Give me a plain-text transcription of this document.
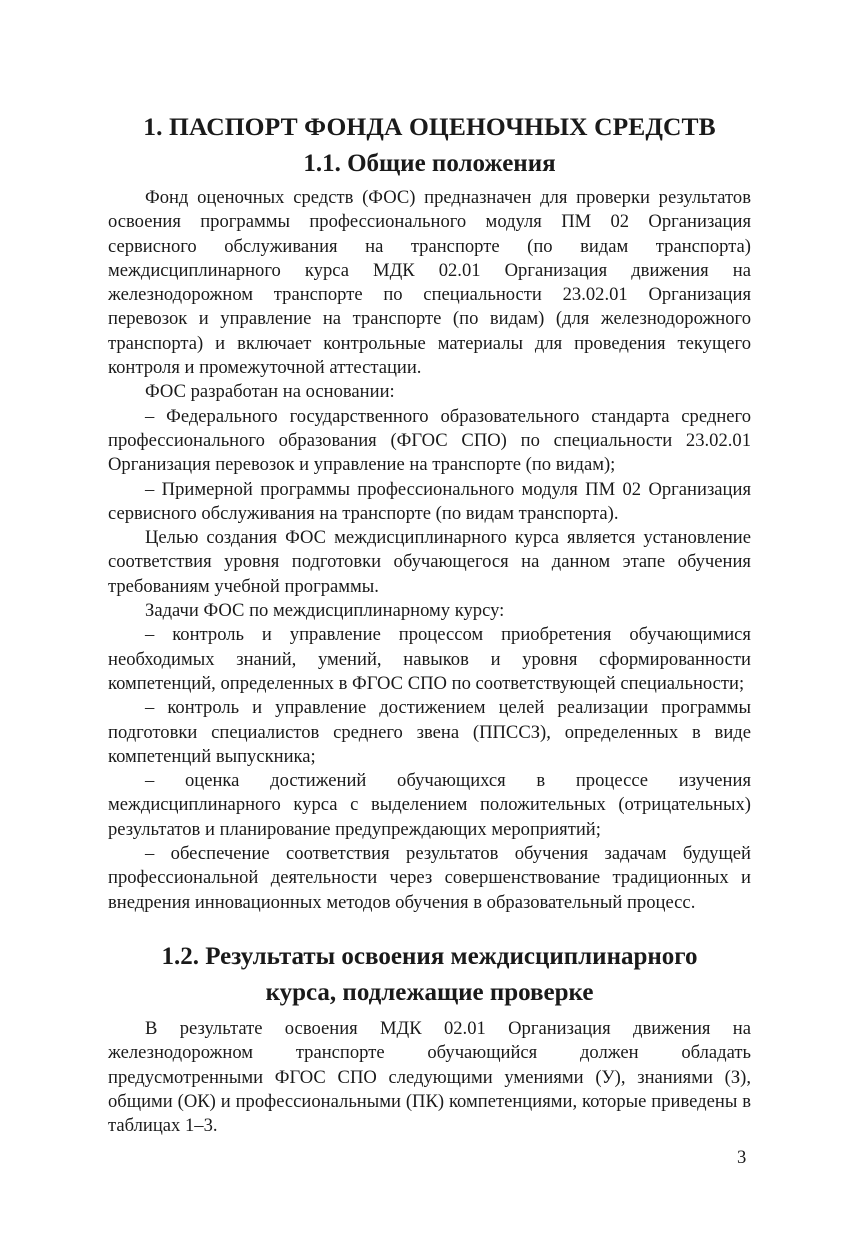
1. ПАСПОРТ ФОНДА ОЦЕНОЧНЫХ СРЕДСТВ
1.1. Общие положения

Фонд оценочных средств (ФОС) предназначен для проверки результатов освоения программы профессионального модуля ПМ 02 Организация сервисного обслуживания на транспорте (по видам транспорта) междисциплинарного курса МДК 02.01 Организация движения на железнодорожном транспорте по специальности 23.02.01 Организация перевозок и управление на транспорте (по видам) (для железнодорожного транспорта) и включает контрольные материалы для проведения текущего контроля и промежуточной аттестации.

ФОС разработан на основании:

– Федерального государственного образовательного стандарта среднего профессионального образования (ФГОС СПО) по специальности 23.02.01 Организация перевозок и управление на транспорте (по видам);

– Примерной программы профессионального модуля ПМ 02 Организация сервисного обслуживания на транспорте (по видам транспорта).

Целью создания ФОС междисциплинарного курса является установление соответствия уровня подготовки обучающегося на данном этапе обучения требованиям учебной программы.

Задачи ФОС по междисциплинарному курсу:

– контроль и управление процессом приобретения обучающимися необходимых знаний, умений, навыков и уровня сформированности компетенций, определенных в ФГОС СПО по соответствующей специальности;

– контроль и управление достижением целей реализации программы подготовки специалистов среднего звена (ППССЗ), определенных в виде компетенций выпускника;

– оценка достижений обучающихся в процессе изучения междисциплинарного курса с выделением положительных (отрицательных) результатов и планирование предупреждающих мероприятий;

– обеспечение соответствия результатов обучения задачам будущей профессиональной деятельности через совершенствование традиционных и внедрения инновационных методов обучения в образовательный процесс.

1.2. Результаты освоения междисциплинарного
курса, подлежащие проверке

В результате освоения МДК 02.01 Организация движения на железнодорожном транспорте обучающийся должен обладать предусмотренными ФГОС СПО следующими умениями (У), знаниями (З), общими (ОК) и профессиональными (ПК) компетенциями, которые приведены в таблицах 1–3.

3
